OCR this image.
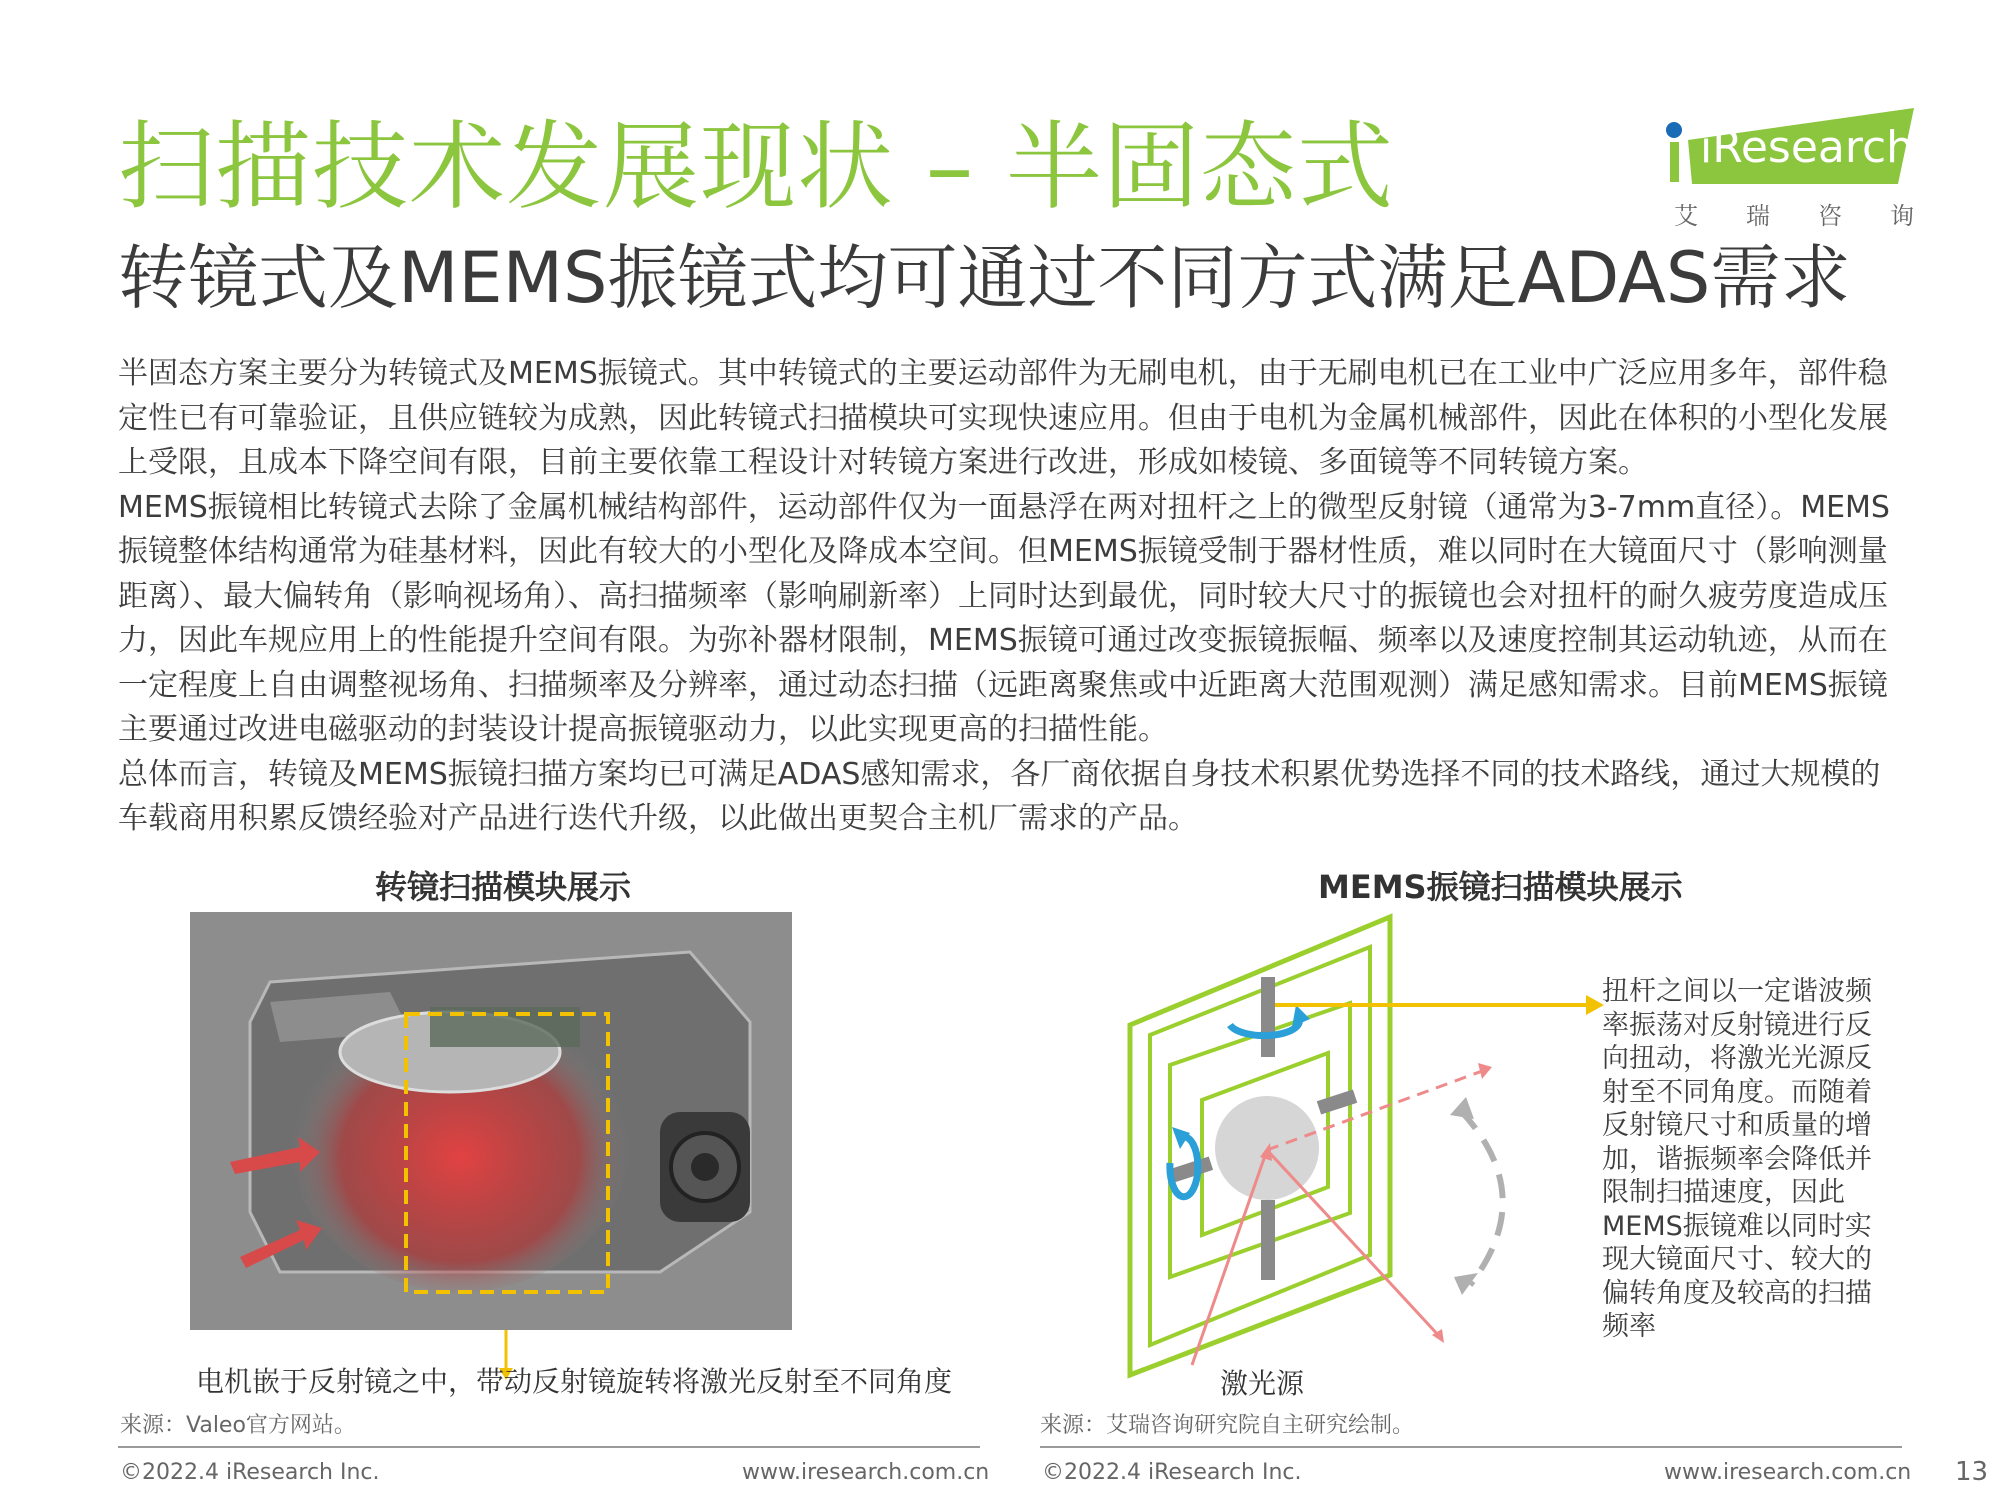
扫描技术发展现状 – 半固态式
转镜式及MEMS振镜式均可通过不同方式满足ADAS需求
iResearch
艾 瑞 咨 询

半固态方案主要分为转镜式及MEMS振镜式。其中转镜式的主要运动部件为无刷电机，由于无刷电机已在工业中广泛应用多年，部件稳定性已有可靠验证，且供应链较为成熟，因此转镜式扫描模块可实现快速应用。但由于电机为金属机械部件，因此在体积的小型化发展上受限，且成本下降空间有限，目前主要依靠工程设计对转镜方案进行改进，形成如棱镜、多面镜等不同转镜方案。

MEMS振镜相比转镜式去除了金属机械结构部件，运动部件仅为一面悬浮在两对扭杆之上的微型反射镜（通常为3-7mm直径）。MEMS振镜整体结构通常为硅基材料，因此有较大的小型化及降成本空间。但MEMS振镜受制于器材性质，难以同时在大镜面尺寸（影响测量距离）、最大偏转角（影响视场角）、高扫描频率（影响刷新率）上同时达到最优，同时较大尺寸的振镜也会对扭杆的耐久疲劳度造成压力，因此车规应用上的性能提升空间有限。为弥补器材限制，MEMS振镜可通过改变振镜振幅、频率以及速度控制其运动轨迹，从而在一定程度上自由调整视场角、扫描频率及分辨率，通过动态扫描（远距离聚焦或中近距离大范围观测）满足感知需求。目前MEMS振镜主要通过改进电磁驱动的封装设计提高振镜驱动力，以此实现更高的扫描性能。

总体而言，转镜及MEMS振镜扫描方案均已可满足ADAS感知需求，各厂商依据自身技术积累优势选择不同的技术路线，通过大规模的车载商用积累反馈经验对产品进行迭代升级，以此做出更契合主机厂需求的产品。

转镜扫描模块展示
电机嵌于反射镜之中，带动反射镜旋转将激光反射至不同角度
来源：Valeo官方网站。
MEMS振镜扫描模块展示
扭杆之间以一定谐波频率振荡对反射镜进行反向扭动，将激光光源反射至不同角度。而随着反射镜尺寸和质量的增加，谐振频率会降低并限制扫描速度，因此MEMS振镜难以同时实现大镜面尺寸、较大的偏转角度及较高的扫描频率
激光源
来源：艾瑞咨询研究院自主研究绘制。
©2022.4 iResearch Inc.	www.iresearch.com.cn ©2022.4 iResearch Inc.	www.iresearch.com.cn 13
